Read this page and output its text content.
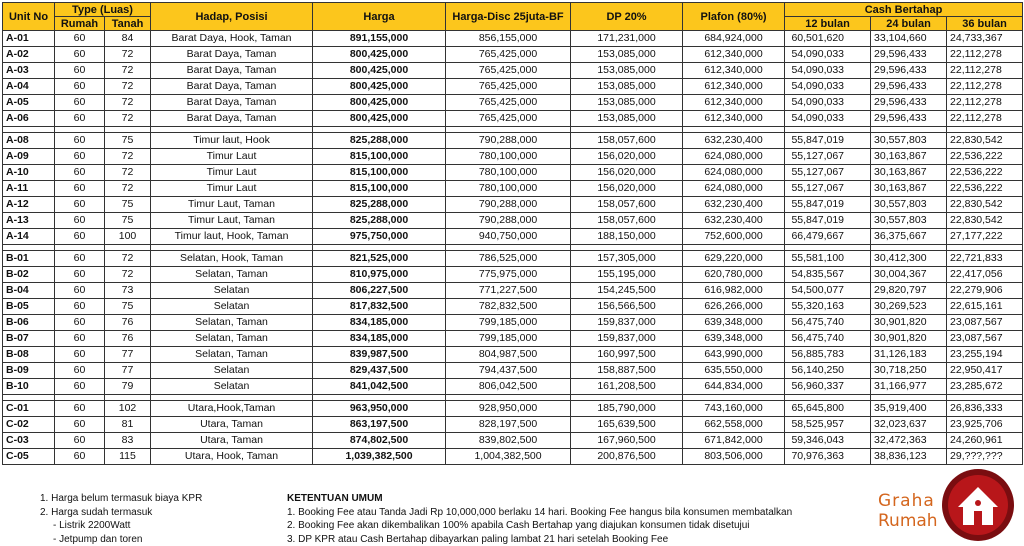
Unit No	Type (Luas)		Hadap, Posisi	Harga	Harga-Disc 25juta-BF	DP 20%	Plafon (80%)	Cash Bertahap		
	Rumah	Tanah						12 bulan	24 bulan	36 bulan
A-01	60	84	Barat Daya, Hook, Taman	891,155,000	856,155,000	171,231,000	684,924,000	60,501,620	33,104,660	24,733,367
A-02	60	72	Barat Daya, Taman	800,425,000	765,425,000	153,085,000	612,340,000	54,090,033	29,596,433	22,112,278
A-03	60	72	Barat Daya, Taman	800,425,000	765,425,000	153,085,000	612,340,000	54,090,033	29,596,433	22,112,278
A-04	60	72	Barat Daya, Taman	800,425,000	765,425,000	153,085,000	612,340,000	54,090,033	29,596,433	22,112,278
A-05	60	72	Barat Daya, Taman	800,425,000	765,425,000	153,085,000	612,340,000	54,090,033	29,596,433	22,112,278
A-06	60	72	Barat Daya, Taman	800,425,000	765,425,000	153,085,000	612,340,000	54,090,033	29,596,433	22,112,278

A-08	60	75	Timur laut, Hook	825,288,000	790,288,000	158,057,600	632,230,400	55,847,019	30,557,803	22,830,542
A-09	60	72	Timur Laut	815,100,000	780,100,000	156,020,000	624,080,000	55,127,067	30,163,867	22,536,222
A-10	60	72	Timur Laut	815,100,000	780,100,000	156,020,000	624,080,000	55,127,067	30,163,867	22,536,222
A-11	60	72	Timur Laut	815,100,000	780,100,000	156,020,000	624,080,000	55,127,067	30,163,867	22,536,222
A-12	60	75	Timur Laut, Taman	825,288,000	790,288,000	158,057,600	632,230,400	55,847,019	30,557,803	22,830,542
A-13	60	75	Timur Laut, Taman	825,288,000	790,288,000	158,057,600	632,230,400	55,847,019	30,557,803	22,830,542
A-14	60	100	Timur laut, Hook, Taman	975,750,000	940,750,000	188,150,000	752,600,000	66,479,667	36,375,667	27,177,222

B-01	60	72	Selatan, Hook, Taman	821,525,000	786,525,000	157,305,000	629,220,000	55,581,100	30,412,300	22,721,833
B-02	60	72	Selatan, Taman	810,975,000	775,975,000	155,195,000	620,780,000	54,835,567	30,004,367	22,417,056
B-04	60	73	Selatan	806,227,500	771,227,500	154,245,500	616,982,000	54,500,077	29,820,797	22,279,906
B-05	60	75	Selatan	817,832,500	782,832,500	156,566,500	626,266,000	55,320,163	30,269,523	22,615,161
B-06	60	76	Selatan, Taman	834,185,000	799,185,000	159,837,000	639,348,000	56,475,740	30,901,820	23,087,567
B-07	60	76	Selatan, Taman	834,185,000	799,185,000	159,837,000	639,348,000	56,475,740	30,901,820	23,087,567
B-08	60	77	Selatan, Taman	839,987,500	804,987,500	160,997,500	643,990,000	56,885,783	31,126,183	23,255,194
B-09	60	77	Selatan	829,437,500	794,437,500	158,887,500	635,550,000	56,140,250	30,718,250	22,950,417
B-10	60	79	Selatan	841,042,500	806,042,500	161,208,500	644,834,000	56,960,337	31,166,977	23,285,672

C-01	60	102	Utara,Hook,Taman	963,950,000	928,950,000	185,790,000	743,160,000	65,645,800	35,919,400	26,836,333
C-02	60	81	Utara, Taman	863,197,500	828,197,500	165,639,500	662,558,000	58,525,957	32,023,637	23,925,706
C-03	60	83	Utara, Taman	874,802,500	839,802,500	167,960,500	671,842,000	59,346,043	32,472,363	24,260,961
C-05	60	115	Utara, Hook, Taman	1,039,382,500	1,004,382,500	200,876,500	803,506,000	70,976,363	38,836,123	29,???,???
1. Harga belum termasuk biaya KPR
2. Harga sudah termasuk
- Listrik 2200Watt
- Jetpump dan toren
KETENTUAN UMUM
1. Booking Fee atau Tanda Jadi Rp 10,000,000 berlaku 14 hari. Booking Fee hangus bila konsumen membatalkan
2. Booking Fee akan dikembalikan 100% apabila Cash Bertahap yang diajukan konsumen tidak disetujui
3. DP KPR atau Cash Bertahap dibayarkan paling lambat 21 hari setelah Booking Fee
Graha
Rumah
